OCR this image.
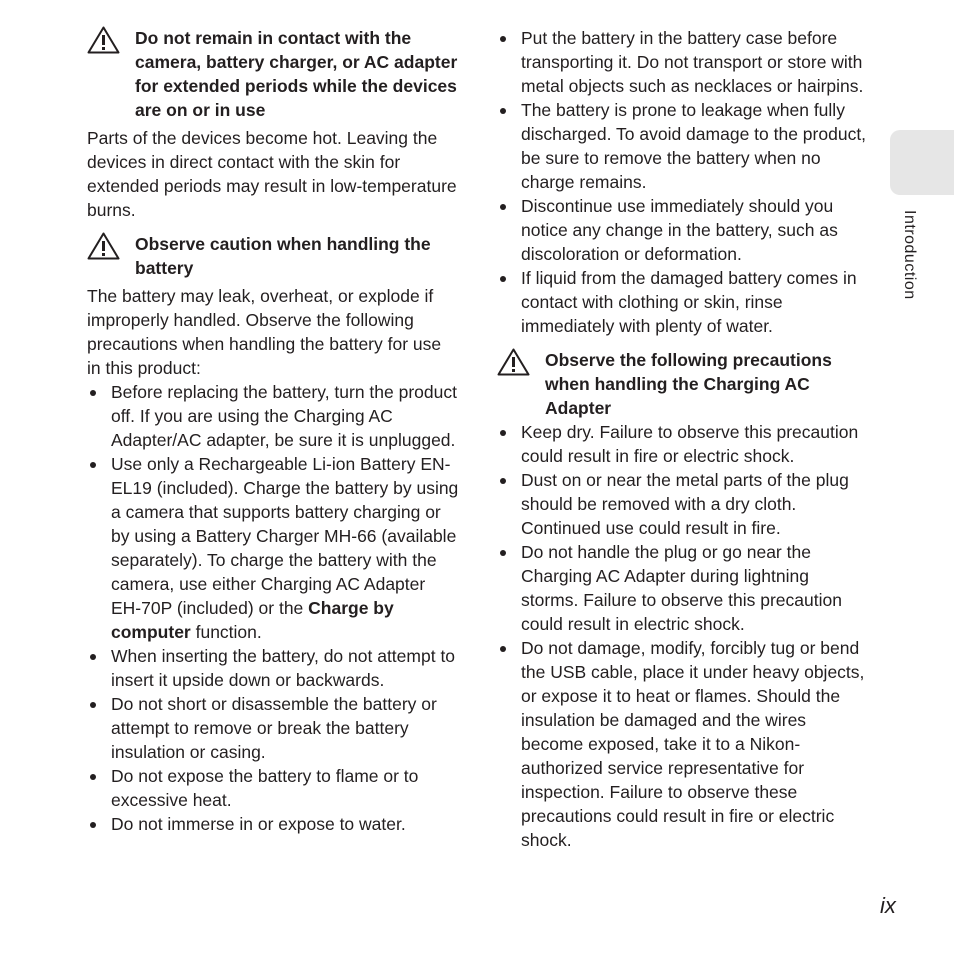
Do not remain in contact with the camera, battery charger, or AC adapter for extended periods while the devices are on or in use

Parts of the devices become hot. Leaving the devices in direct contact with the skin for extended periods may result in low-temperature burns.

Observe caution when handling the battery

The battery may leak, overheat, or explode if improperly handled. Observe the following precautions when handling the battery for use in this product:

Before replacing the battery, turn the product off. If you are using the Charging AC Adapter/AC adapter, be sure it is unplugged.
Use only a Rechargeable Li-ion Battery EN-EL19 (included). Charge the battery by using a camera that supports battery charging or by using a Battery Charger MH-66 (available separately). To charge the battery with the camera, use either Charging AC Adapter EH-70P (included) or the Charge by computer function.
When inserting the battery, do not attempt to insert it upside down or backwards.
Do not short or disassemble the battery or attempt to remove or break the battery insulation or casing.
Do not expose the battery to flame or to excessive heat.
Do not immerse in or expose to water.
Put the battery in the battery case before transporting it. Do not transport or store with metal objects such as necklaces or hairpins.
The battery is prone to leakage when fully discharged. To avoid damage to the product, be sure to remove the battery when no charge remains.
Discontinue use immediately should you notice any change in the battery, such as discoloration or deformation.
If liquid from the damaged battery comes in contact with clothing or skin, rinse immediately with plenty of water.
Observe the following precautions when handling the Charging AC Adapter
Keep dry. Failure to observe this precaution could result in fire or electric shock.
Dust on or near the metal parts of the plug should be removed with a dry cloth. Continued use could result in fire.
Do not handle the plug or go near the Charging AC Adapter during lightning storms. Failure to observe this precaution could result in electric shock.
Do not damage, modify, forcibly tug or bend the USB cable, place it under heavy objects, or expose it to heat or flames. Should the insulation be damaged and the wires become exposed, take it to a Nikon-authorized service representative for inspection. Failure to observe these precautions could result in fire or electric shock.
Introduction
ix
